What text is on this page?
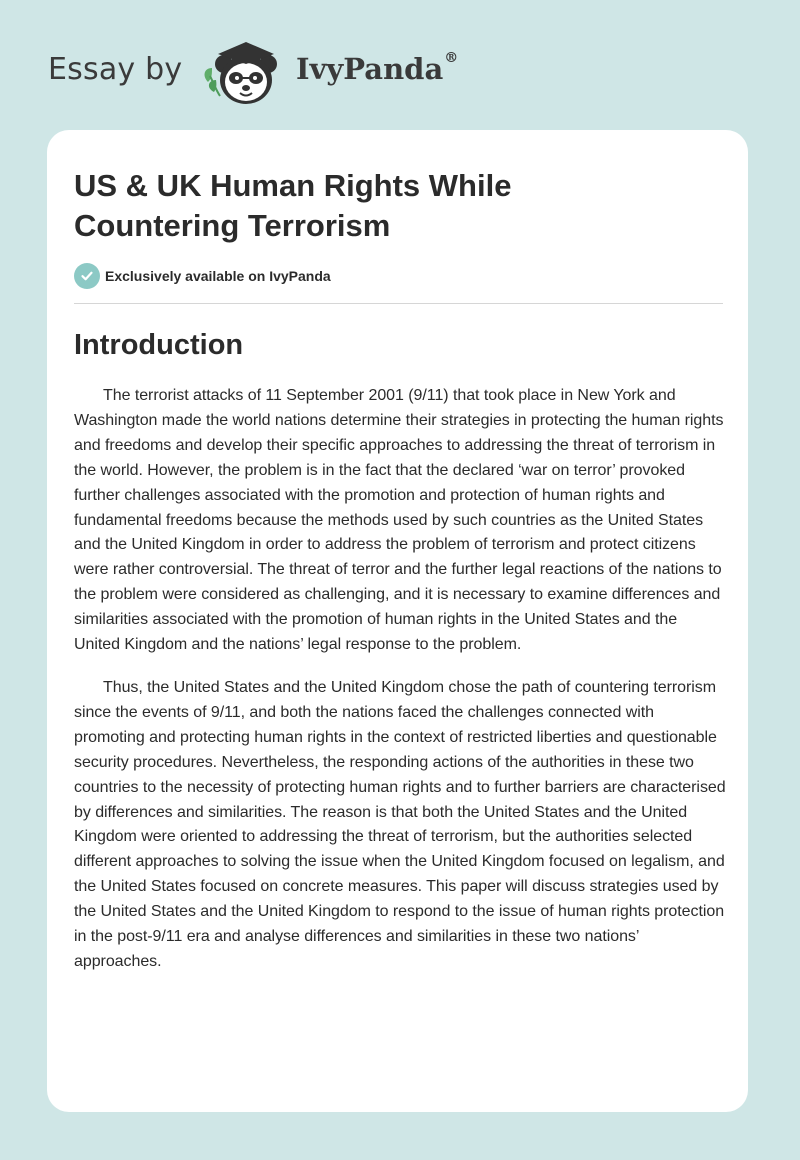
Essay by	IvyPanda®
US & UK Human Rights While Countering Terrorism
Exclusively available on IvyPanda
Introduction

The terrorist attacks of 11 September 2001 (9/11) that took place in New York and Washington made the world nations determine their strategies in protecting the human rights and freedoms and develop their specific approaches to addressing the threat of terrorism in the world. However, the problem is in the fact that the declared ‘war on terror’ provoked further challenges associated with the promotion and protection of human rights and fundamental freedoms because the methods used by such countries as the United States and the United Kingdom in order to address the problem of terrorism and protect citizens were rather controversial. The threat of terror and the further legal reactions of the nations to the problem were considered as challenging, and it is necessary to examine differences and similarities associated with the promotion of human rights in the United States and the United Kingdom and the nations’ legal response to the problem.

Thus, the United States and the United Kingdom chose the path of countering terrorism since the events of 9/11, and both the nations faced the challenges connected with promoting and protecting human rights in the context of restricted liberties and questionable security procedures. Nevertheless, the responding actions of the authorities in these two countries to the necessity of protecting human rights and to further barriers are characterised by differences and similarities. The reason is that both the United States and the United Kingdom were oriented to addressing the threat of terrorism, but the authorities selected different approaches to solving the issue when the United Kingdom focused on legalism, and the United States focused on concrete measures. This paper will discuss strategies used by the United States and the United Kingdom to respond to the issue of human rights protection in the post-9/11 era and analyse differences and similarities in these two nations’ approaches.
